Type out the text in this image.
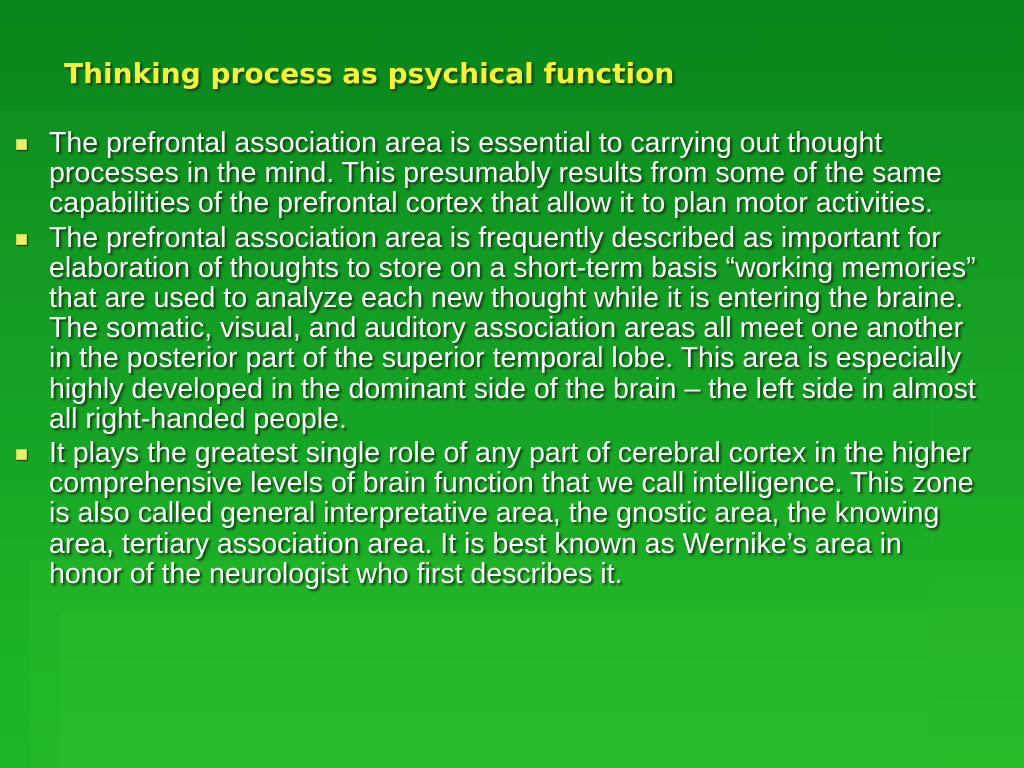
Thinking process as psychical function
The prefrontal association area is essential to carrying out thought processes in the mind. This presumably results from some of the same capabilities of the prefrontal cortex that allow it to plan motor activities.
The prefrontal association area is frequently described as important for elaboration of thoughts to store on a short-term basis “working memories” that are used to analyze each new thought while it is entering the braine. The somatic, visual, and auditory association areas all meet one another in the posterior part of the superior temporal lobe. This area is especially highly developed in the dominant side of the brain – the left side in almost all right-handed people.
It plays the greatest single role of any part of cerebral cortex in the higher comprehensive levels of brain function that we call intelligence. This zone is also called general interpretative area, the gnostic area, the knowing area, tertiary association area. It is best known as Wernike’s area in honor of the neurologist who first describes it.
